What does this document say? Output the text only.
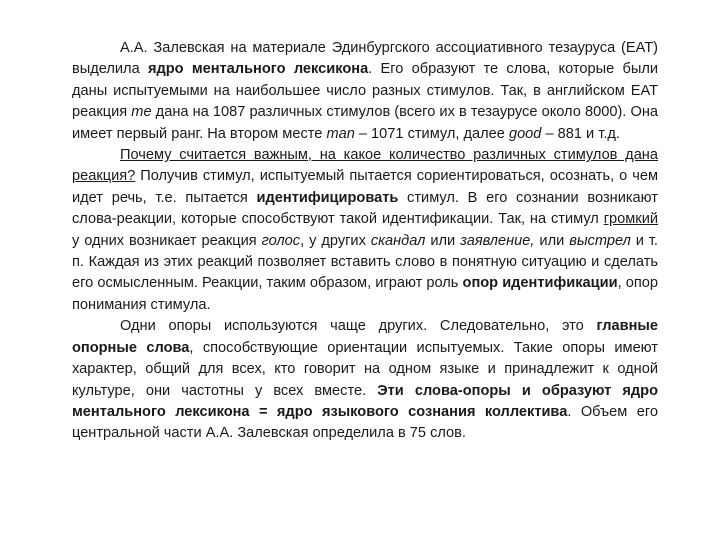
А.А. Залевская на материале Эдинбургского ассоциативного тезауруса (ЕАТ) выделила ядро ментального лексикона. Его образуют те слова, которые были даны испытуемыми на наибольшее число разных стимулов. Так, в английском ЕАТ реакция me дана на 1087 различных стимулов (всего их в тезаурусе около 8000). Она имеет первый ранг. На втором месте man – 1071 стимул, далее good – 881 и т.д.

Почему считается важным, на какое количество различных стимулов дана реакция? Получив стимул, испытуемый пытается сориентироваться, осознать, о чем идет речь, т.е. пытается идентифицировать стимул. В его сознании возникают слова-реакции, которые способствуют такой идентификации. Так, на стимул громкий у одних возникает реакция голос, у других скандал или заявление, или выстрел и т. п. Каждая из этих реакций позволяет вставить слово в понятную ситуацию и сделать его осмысленным. Реакции, таким образом, играют роль опор идентификации, опор понимания стимула.

Одни опоры используются чаще других. Следовательно, это главные опорные слова, способствующие ориентации испытуемых. Такие опоры имеют характер, общий для всех, кто говорит на одном языке и принадлежит к одной культуре, они частотны у всех вместе. Эти слова-опоры и образуют ядро ментального лексикона = ядро языкового сознания коллектива. Объем его центральной части А.А. Залевская определила в 75 слов.
